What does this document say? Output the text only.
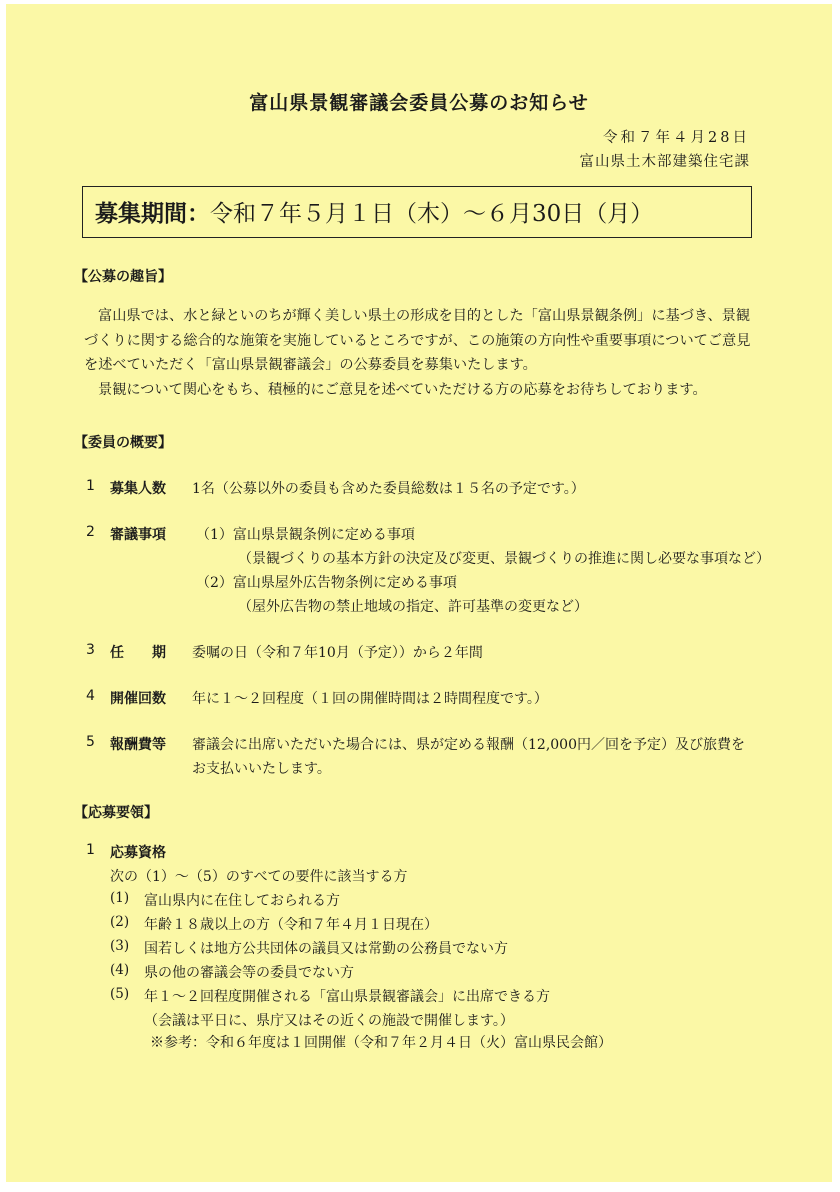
富山県景観審議会委員公募のお知らせ
令和７年４月28日
富山県土木部建築住宅課
募集期間：令和７年５月１日（木）～６月30日（月）
【公募の趣旨】
富山県では、水と緑といのちが輝く美しい県土の形成を目的とした「富山県景観条例」に基づき、景観づくりに関する総合的な施策を実施しているところですが、この施策の方向性や重要事項についてご意見を述べていただく「富山県景観審議会」の公募委員を募集いたします。
景観について関心をもち、積極的にご意見を述べていただける方の応募をお待ちしております。
【委員の概要】
1 募集人数 1名（公募以外の委員も含めた委員総数は１５名の予定です。）
2 審議事項 （1）富山県景観条例に定める事項
（景観づくりの基本方針の決定及び変更、景観づくりの推進に関し必要な事項など）
（2）富山県屋外広告物条例に定める事項
（屋外広告物の禁止地域の指定、許可基準の変更など）
3 任　　期 委嘱の日（令和７年10月（予定））から２年間
4 開催回数 年に１～２回程度（１回の開催時間は２時間程度です。）
5 報酬費等 審議会に出席いただいた場合には、県が定める報酬（12,000円／回を予定）及び旅費を
お支払いいたします。
【応募要領】
1 応募資格
次の（1）～（5）のすべての要件に該当する方
(1) 富山県内に在住しておられる方
(2) 年齢１８歳以上の方（令和７年４月１日現在）
(3) 国若しくは地方公共団体の議員又は常勤の公務員でない方
(4) 県の他の審議会等の委員でない方
(5) 年１～２回程度開催される「富山県景観審議会」に出席できる方
（会議は平日に、県庁又はその近くの施設で開催します。）
※参考：令和６年度は１回開催（令和７年２月４日（火）富山県民会館）
